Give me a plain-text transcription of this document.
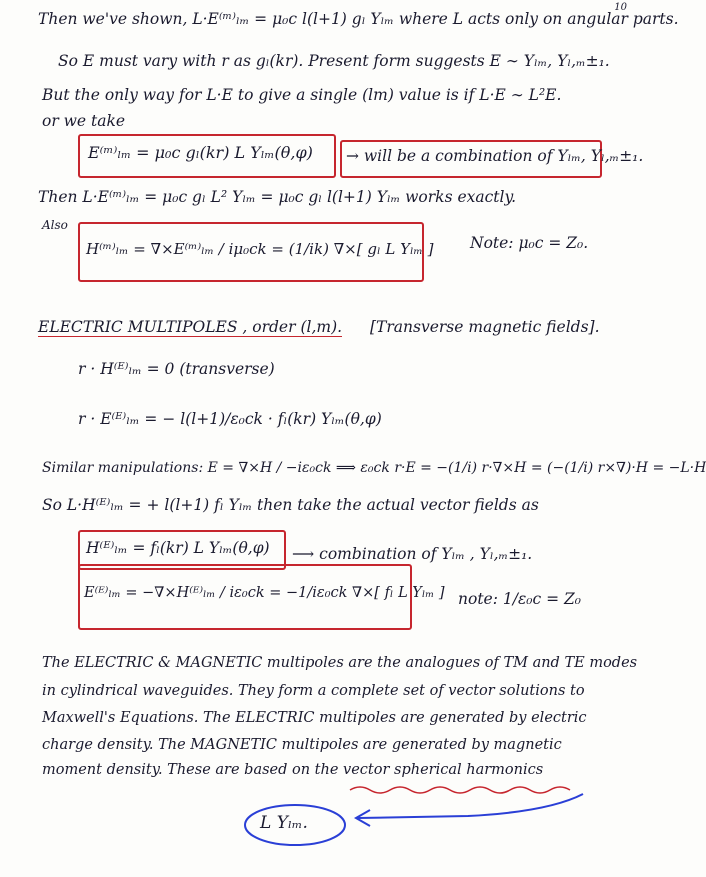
10
Then we've shown, L·E⁽ᵐ⁾ₗₘ = μ₀c l(l+1) gₗ Yₗₘ where L acts only on angular parts.
So E must vary with r as gₗ(kr). Present form suggests E ∼ Yₗₘ, Yₗ,ₘ±₁.
But the only way for L·E to give a single (lm) value is if L·E ∼ L²E.
or we take
E⁽ᵐ⁾ₗₘ = μ₀c gₗ(kr) L Yₗₘ(θ,φ) → will be a combination of Yₗₘ, Yₗ,ₘ±₁.
Then L·E⁽ᵐ⁾ₗₘ = μ₀c gₗ L² Yₗₘ = μ₀c gₗ l(l+1) Yₗₘ works exactly.
Also
H⁽ᵐ⁾ₗₘ = ∇×E⁽ᵐ⁾ₗₘ / iμ₀ck = (1/ik) ∇×[ gₗ L Yₗₘ ] Note: μ₀c = Z₀.
ELECTRIC MULTIPOLES , order (l,m). [Transverse magnetic fields].
r · H⁽ᴱ⁾ₗₘ = 0 (transverse)
r · E⁽ᴱ⁾ₗₘ = − l(l+1)/ε₀ck · fₗ(kr) Yₗₘ(θ,φ)
Similar manipulations: E = ∇×H / −iε₀ck ⟹ ε₀ck r·E = −(1/i) r·∇×H = (−(1/i) r×∇)·H = −L·H
So L·H⁽ᴱ⁾ₗₘ = + l(l+1) fₗ Yₗₘ then take the actual vector fields as
H⁽ᴱ⁾ₗₘ = fₗ(kr) L Yₗₘ(θ,φ) ⟶ combination of Yₗₘ , Yₗ,ₘ±₁.
E⁽ᴱ⁾ₗₘ = −∇×H⁽ᴱ⁾ₗₘ / iε₀ck = −1/iε₀ck ∇×[ fₗ L Yₗₘ ] note: 1/ε₀c = Z₀
The ELECTRIC & MAGNETIC multipoles are the analogues of TM and TE modes
in cylindrical waveguides. They form a complete set of vector solutions to
Maxwell's Equations. The ELECTRIC multipoles are generated by electric
charge density. The MAGNETIC multipoles are generated by magnetic
moment density. These are based on the vector spherical harmonics
L Yₗₘ.
